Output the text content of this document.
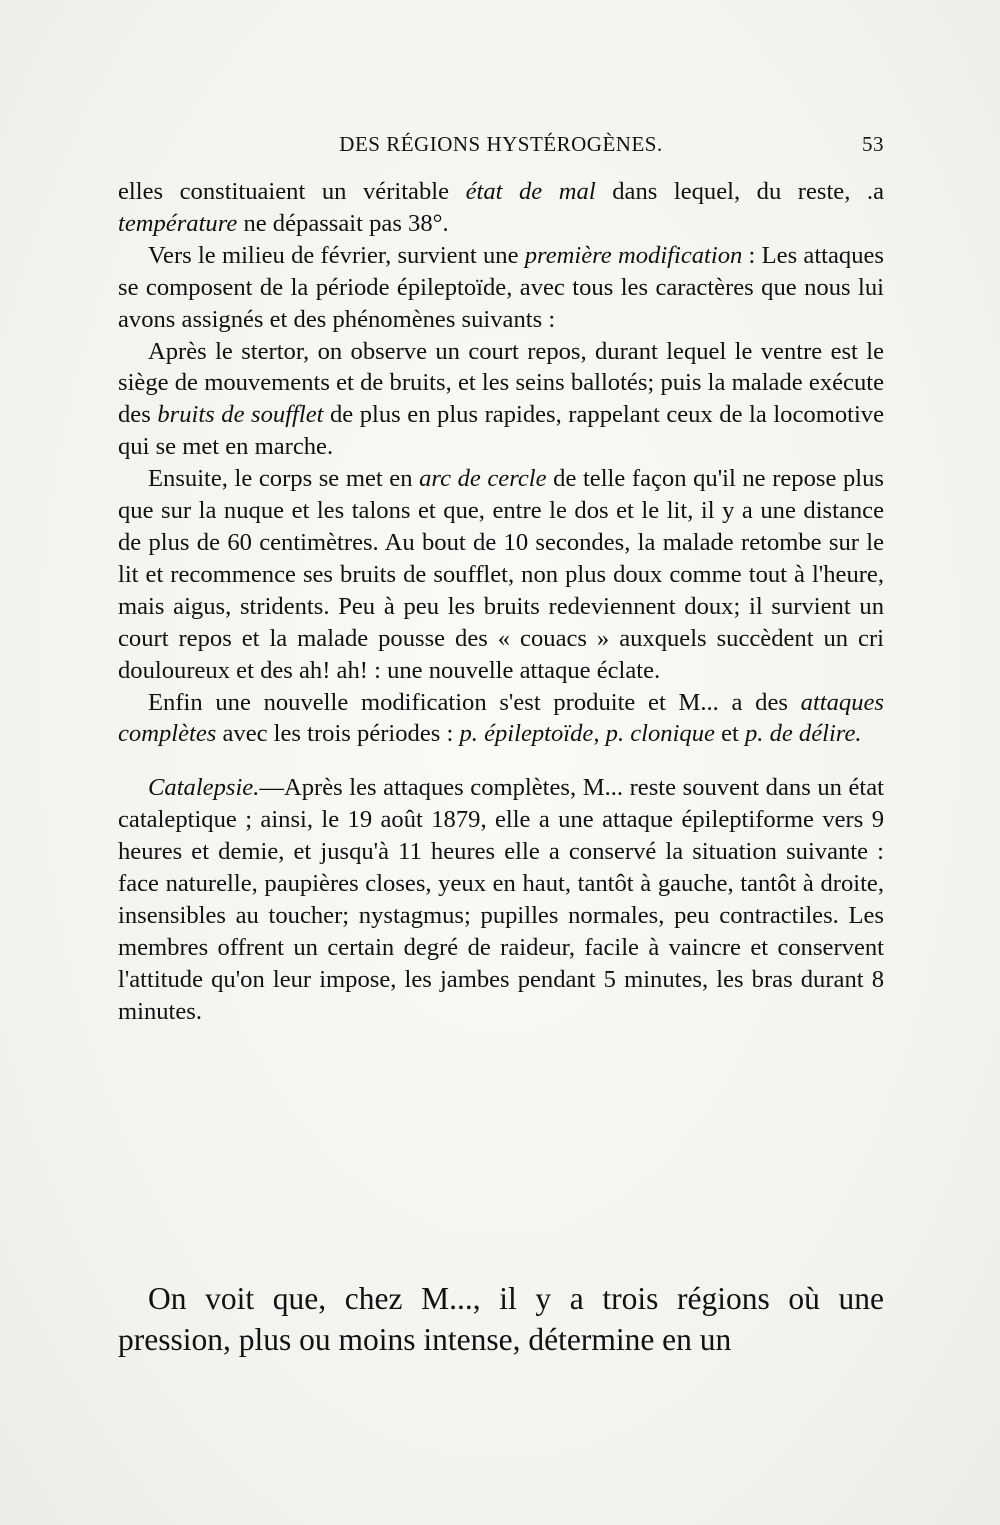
DES RÉGIONS HYSTÉROGÈNES.	53

elles constituaient un véritable état de mal dans lequel, du reste, .a température ne dépassait pas 38°.

Vers le milieu de février, survient une première modification : Les attaques se composent de la période épileptoïde, avec tous les caractères que nous lui avons assignés et des phénomènes suivants :

Après le stertor, on observe un court repos, durant lequel le ventre est le siège de mouvements et de bruits, et les seins ballotés; puis la malade exécute des bruits de soufflet de plus en plus rapides, rappelant ceux de la locomotive qui se met en marche.

Ensuite, le corps se met en arc de cercle de telle façon qu'il ne repose plus que sur la nuque et les talons et que, entre le dos et le lit, il y a une distance de plus de 60 centimètres. Au bout de 10 secondes, la malade retombe sur le lit et recommence ses bruits de soufflet, non plus doux comme tout à l'heure, mais aigus, stridents. Peu à peu les bruits redeviennent doux; il survient un court repos et la malade pousse des « couacs » auxquels succèdent un cri douloureux et des ah! ah! : une nouvelle attaque éclate.

Enfin une nouvelle modification s'est produite et M... a des attaques complètes avec les trois périodes : p. épileptoïde, p. clonique et p. de délire.

Catalepsie.—Après les attaques complètes, M... reste souvent dans un état cataleptique ; ainsi, le 19 août 1879, elle a une attaque épileptiforme vers 9 heures et demie, et jusqu'à 11 heures elle a conservé la situation suivante : face naturelle, paupières closes, yeux en haut, tantôt à gauche, tantôt à droite, insensibles au toucher; nystagmus; pupilles normales, peu contractiles. Les membres offrent un certain degré de raideur, facile à vaincre et conservent l'attitude qu'on leur impose, les jambes pendant 5 minutes, les bras durant 8 minutes.

On voit que, chez M..., il y a trois régions où une pression, plus ou moins intense, détermine en un
